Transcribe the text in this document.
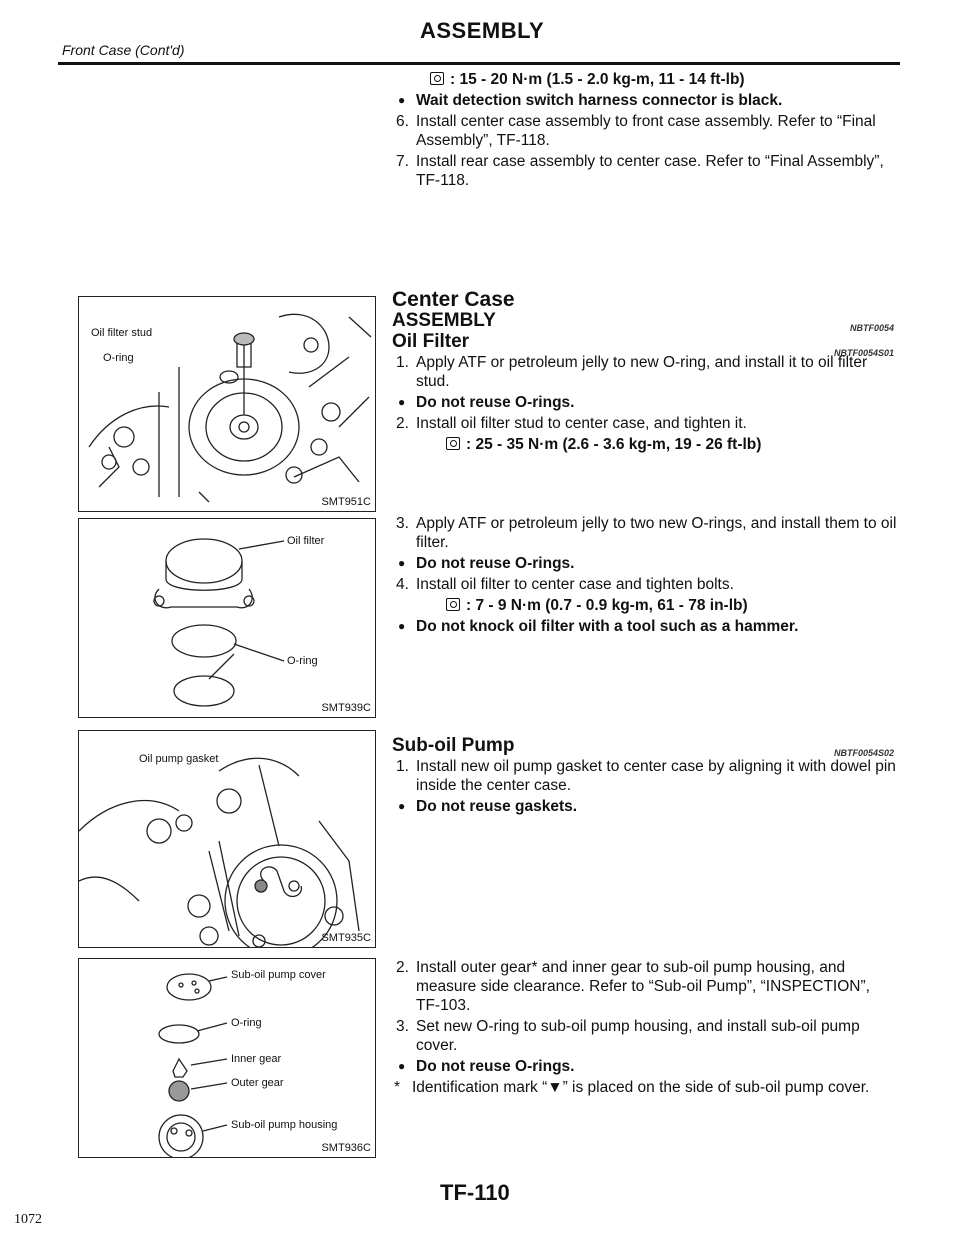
Front Case (Cont'd)
ASSEMBLY

: 15 - 20 N·m (1.5 - 2.0 kg-m, 11 - 14 ft-lb)

● Wait detection switch harness connector is black.

6. Install center case assembly to front case assembly. Refer to “Final Assembly”, TF-118.

7. Install rear case assembly to center case. Refer to “Final Assembly”, TF-118.

Center Case

ASSEMBLY	NBTF0054

Oil Filter
NBTF0054S01

1. Apply ATF or petroleum jelly to new O-ring, and install it to oil filter stud.

● Do not reuse O-rings.

2. Install oil filter stud to center case, and tighten it.

: 25 - 35 N·m (2.6 - 3.6 kg-m, 19 - 26 ft-lb)

3. Apply ATF or petroleum jelly to two new O-rings, and install them to oil filter.

● Do not reuse O-rings.

4. Install oil filter to center case and tighten bolts.

: 7 - 9 N·m (0.7 - 0.9 kg-m, 61 - 78 in-lb)

● Do not knock oil filter with a tool such as a hammer.

Sub-oil Pump	NBTF0054S02

1. Install new oil pump gasket to center case by aligning it with dowel pin inside the center case.

● Do not reuse gaskets.

2. Install outer gear* and inner gear to sub-oil pump housing, and measure side clearance. Refer to “Sub-oil Pump”, “INSPECTION”, TF-103.

3. Set new O-ring to sub-oil pump housing, and install sub-oil pump cover.

● Do not reuse O-rings.

* Identification mark “▼” is placed on the side of sub-oil pump cover.

Oil filter stud
O-ring
SMT951C
Oil filter
O-ring
SMT939C
Oil pump gasket
SMT935C
Sub-oil pump cover
O-ring
Inner gear
Outer gear
Sub-oil pump housing
SMT936C
TF-110
1072
